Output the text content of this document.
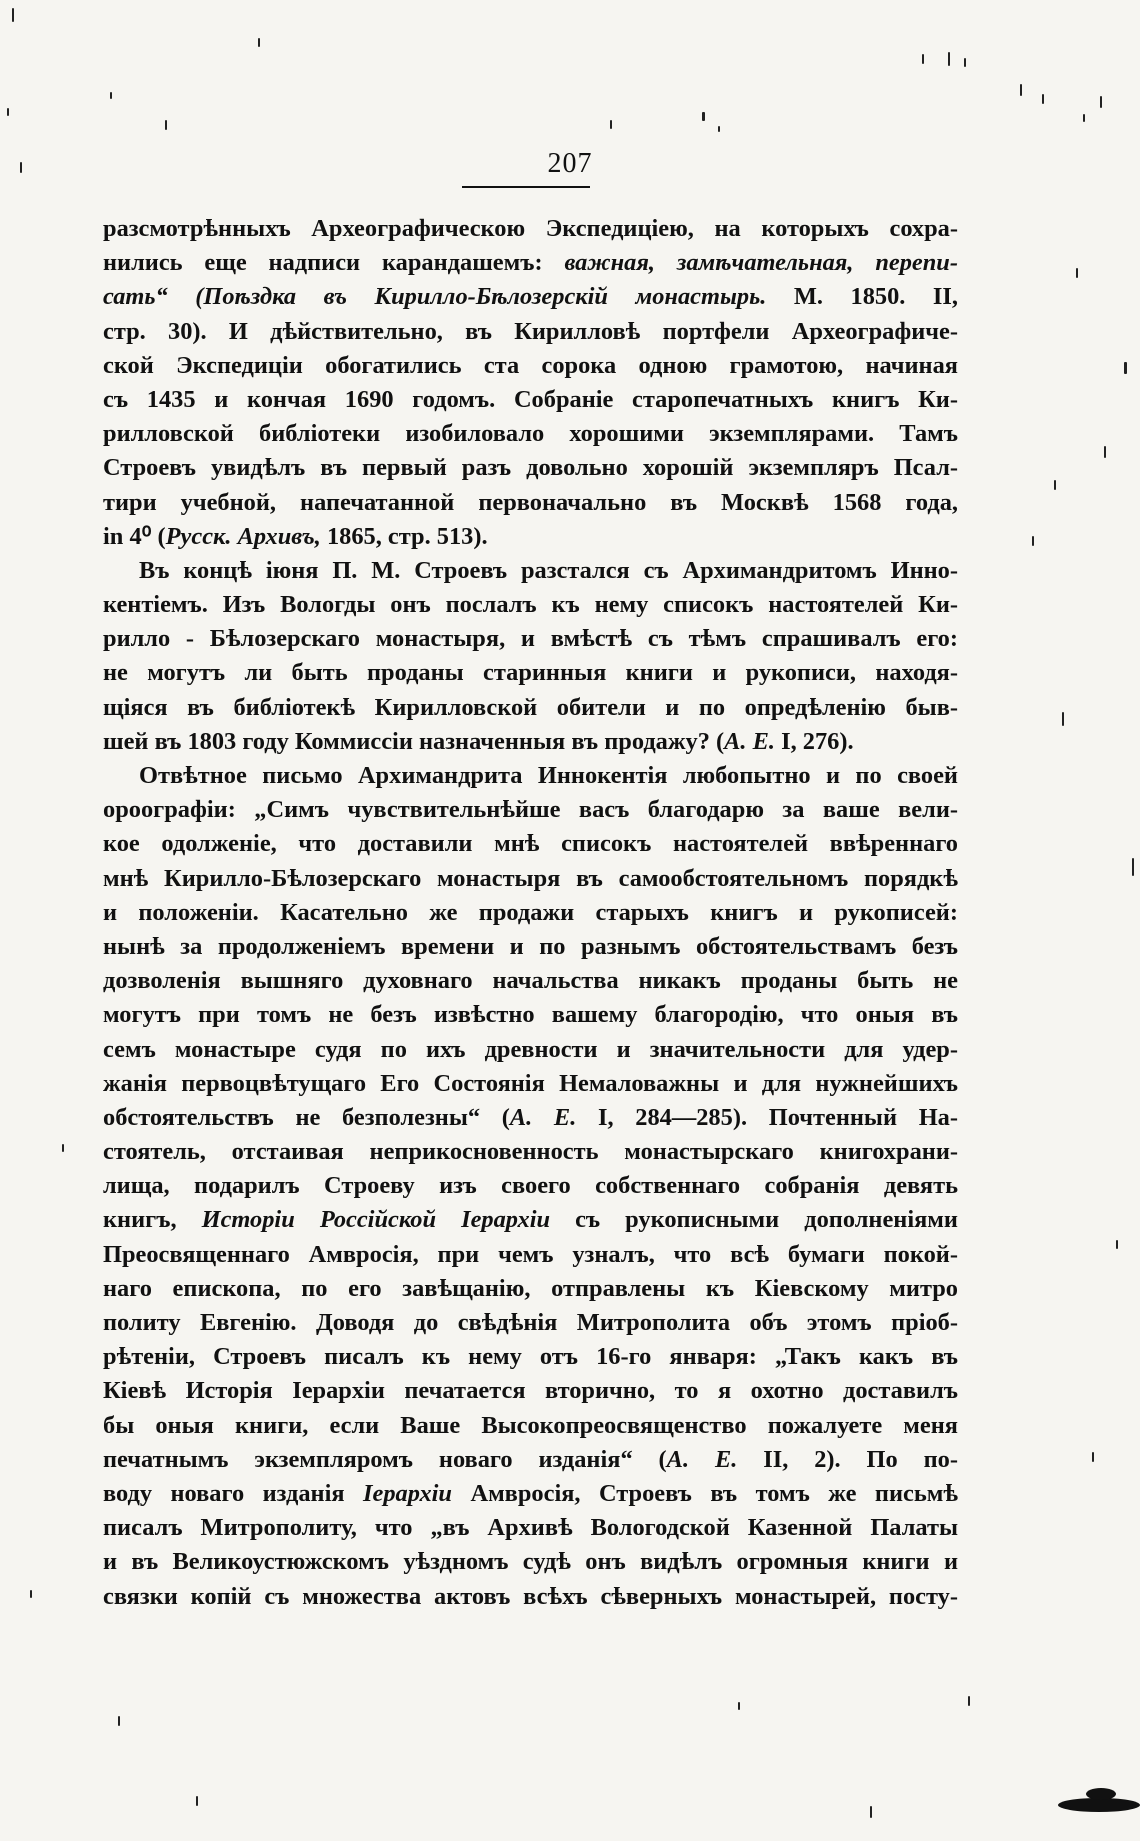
207
разсмотрѣнныхъ Археографическою Экспедиціею, на которыхъ сохра-
нились еще надписи карандашемъ: важная, замѣчательная, перепи-
сать“ (Поѣздка въ Кирилло-Бѣлозерскій монастырь. М. 1850. II,
стр. 30). И дѣйствительно, въ Кирилловѣ портфели Археографиче-
ской Экспедиціи обогатились ста сорока одною грамотою, начиная
съ 1435 и кончая 1690 годомъ. Собраніе старопечатныхъ книгъ Ки-
рилловской библіотеки изобиловало хорошими экземплярами. Тамъ
Строевъ увидѣлъ въ первый разъ довольно хорошій экземпляръ Псал-
тири учебной, напечатанной первоначально въ Москвѣ 1568 года,
in 4⁰ (Русск. Архивъ, 1865, стр. 513).
Въ концѣ іюня П. М. Строевъ разстался съ Архимандритомъ Инно-
кентіемъ. Изъ Вологды онъ послалъ къ нему списокъ настоятелей Ки-
рилло - Бѣлозерскаго монастыря, и вмѣстѣ съ тѣмъ спрашивалъ его:
не могутъ ли быть проданы старинныя книги и рукописи, находя-
щіяся въ библіотекѣ Кирилловской обители и по опредѣленію быв-
шей въ 1803 году Коммиссіи назначенныя въ продажу? (А. Е. I, 276).
Отвѣтное письмо Архимандрита Иннокентія любопытно и по своей
ороографіи: „Симъ чувствительнѣйше васъ благодарю за ваше вели-
кое одолженіе, что доставили мнѣ списокъ настоятелей ввѣреннаго
мнѣ Кирилло-Бѣлозерскаго монастыря въ самообстоятельномъ порядкѣ
и положеніи. Касательно же продажи старыхъ книгъ и рукописей:
нынѣ за продолженіемъ времени и по разнымъ обстоятельствамъ безъ
дозволенія вышняго духовнаго начальства никакъ проданы быть не
могутъ при томъ не безъ извѣстно вашему благородію, что оныя въ
семъ монастыре судя по ихъ древности и значительности для удер-
жанія первоцвѣтущаго Его Состоянія Немаловажны и для нужнейшихъ
обстоятельствъ не безполезны“ (А. Е. I, 284—285). Почтенный На-
стоятель, отстаивая неприкосновенность монастырскаго книгохрани-
лища, подарилъ Строеву изъ своего собственнаго собранія девять
книгъ, Исторіи Россійской Іерархіи съ рукописными дополненіями
Преосвященнаго Амвросія, при чемъ узналъ, что всѣ бумаги покой-
наго епископа, по его завѣщанію, отправлены къ Кіевскому митро
политу Евгенію. Доводя до свѣдѣнія Митрополита объ этомъ пріоб-
рѣтеніи, Строевъ писалъ къ нему отъ 16-го января: „Такъ какъ въ
Кіевѣ Исторія Іерархіи печатается вторично, то я охотно доставилъ
бы оныя книги, если Ваше Высокопреосвященство пожалуете меня
печатнымъ экземпляромъ новаго изданія“ (А. Е. II, 2). По по-
воду новаго изданія Іерархіи Амвросія, Строевъ въ томъ же письмѣ
писалъ Митрополиту, что „въ Архивѣ Вологодской Казенной Палаты
и въ Великоустюжскомъ уѣздномъ судѣ онъ видѣлъ огромныя книги и
связки копій съ множества актовъ всѣхъ сѣверныхъ монастырей, посту-
